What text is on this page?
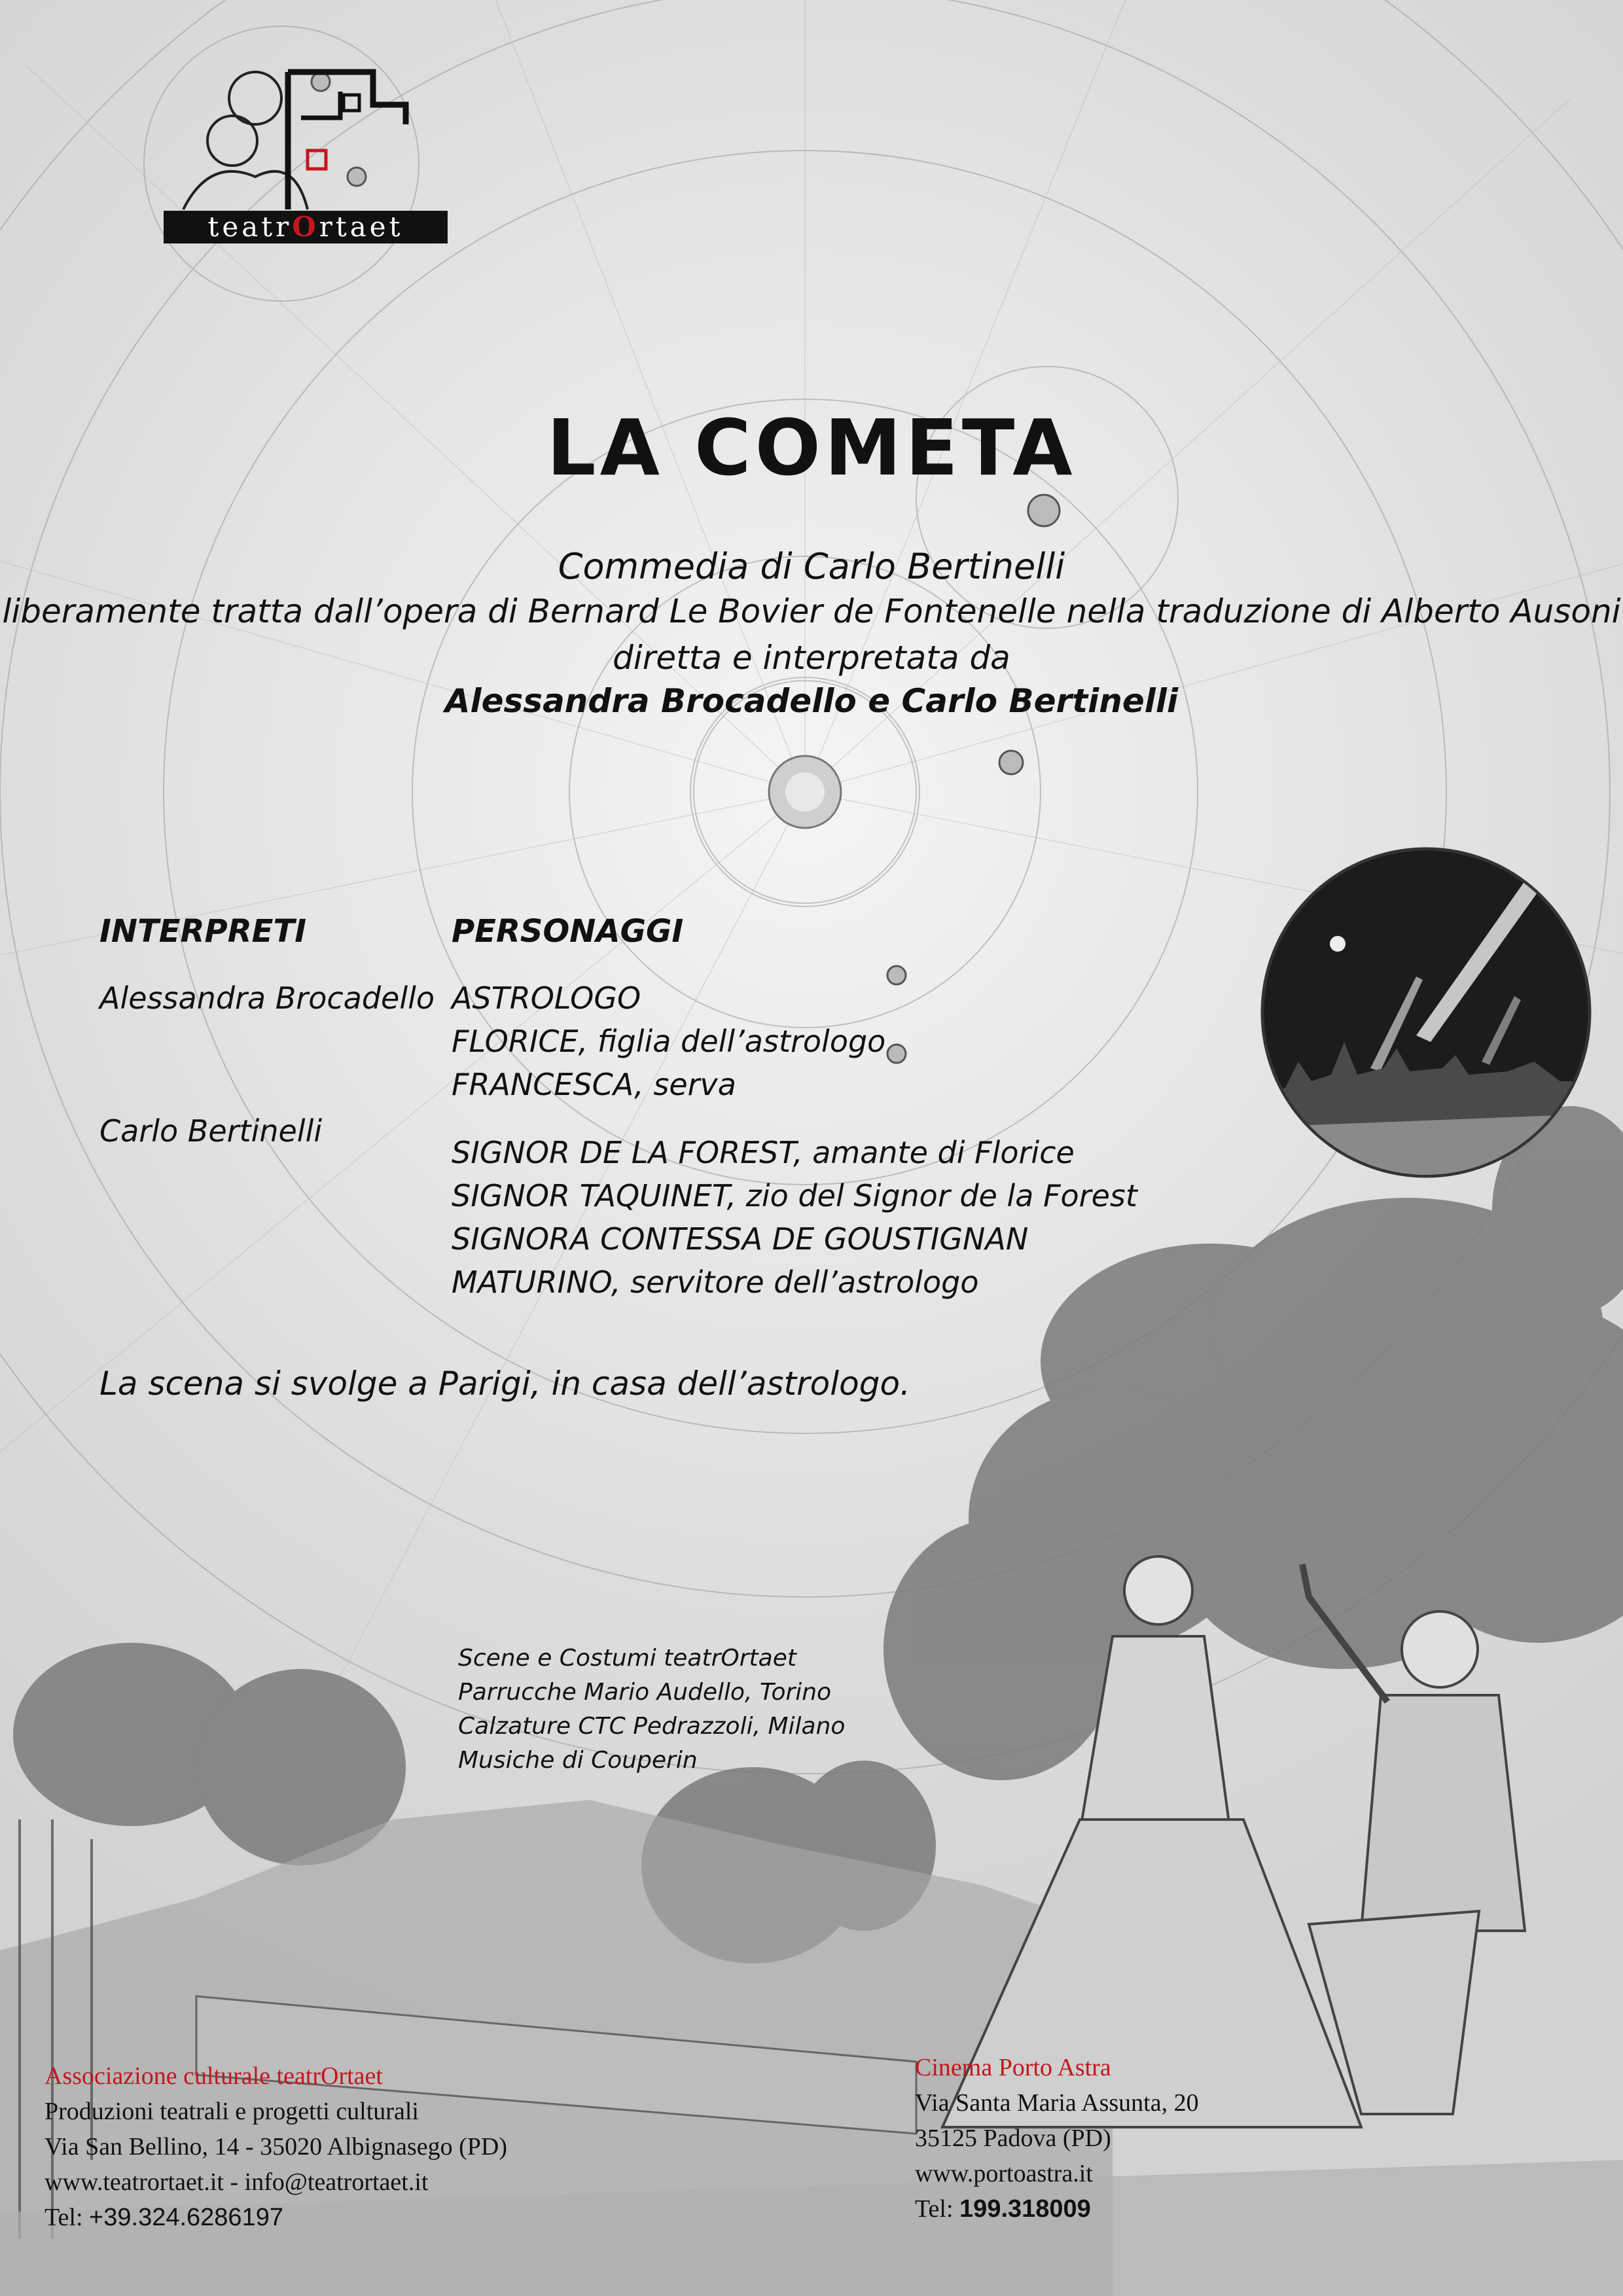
teatrOrtaet
LA COMETA
Commedia di Carlo Bertinelli
liberamente tratta dall’opera di Bernard Le Bovier de Fontenelle nella traduzione di Alberto Ausoni
diretta e interpretata da
Alessandra Brocadello e Carlo Bertinelli
INTERPRETI	PERSONAGGI
Alessandra Brocadello ASTROLOGO
FLORICE, figlia dell’astrologo
FRANCESCA, serva
Carlo Bertinelli
SIGNOR DE LA FOREST, amante di Florice
SIGNOR TAQUINET, zio del Signor de la Forest
SIGNORA CONTESSA DE GOUSTIGNAN
MATURINO, servitore dell’astrologo
La scena si svolge a Parigi, in casa dell’astrologo.
Scene e Costumi teatrOrtaet
Parrucche Mario Audello, Torino
Calzature CTC Pedrazzoli, Milano
Musiche di Couperin
Associazione culturale teatrOrtaet
Produzioni teatrali e progetti culturali
Via San Bellino, 14 - 35020 Albignasego (PD)
www.teatrortaet.it - info@teatrortaet.it
Tel: +39.324.6286197
Cinema Porto Astra
Via Santa Maria Assunta, 20
35125 Padova (PD)
www.portoastra.it
Tel: 199.318009
